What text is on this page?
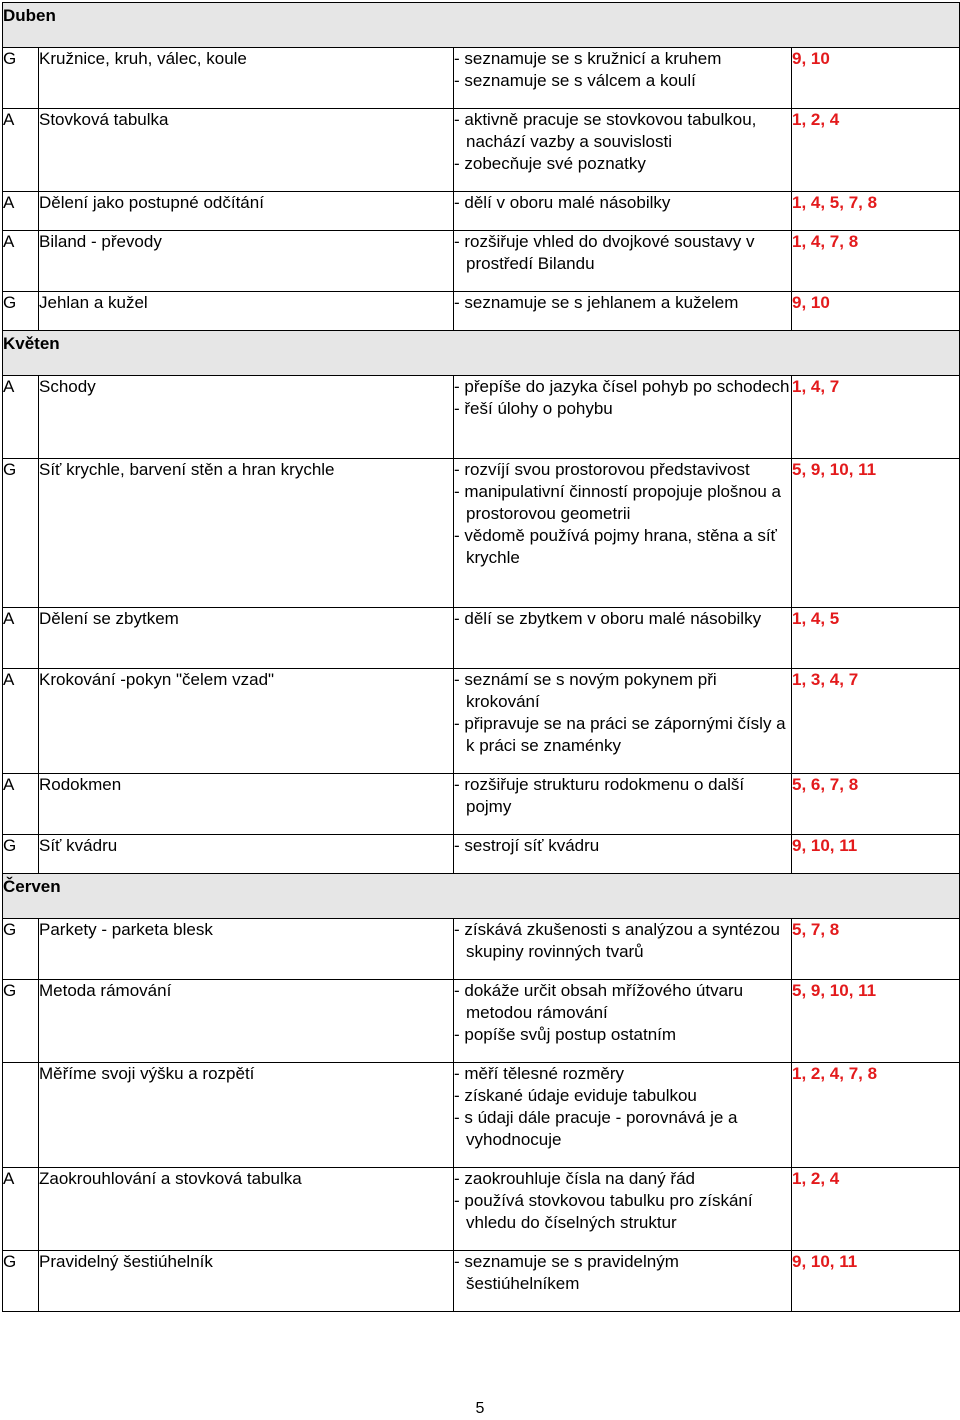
Duben			
G	Kružnice, kruh, válec, koule	- seznamuje se s kružnicí a kruhem
- seznamuje se s válcem a koulí	9, 10
A	Stovková tabulka	- aktivně pracuje se stovkovou tabulkou, nachází vazby a souvislosti
- zobecňuje své poznatky	1, 2, 4
A	Dělení jako postupné odčítání	- dělí v oboru malé násobilky	1, 4, 5, 7, 8
A	Biland - převody	- rozšiřuje vhled do dvojkové soustavy v prostředí Bilandu	1, 4, 7, 8
G	Jehlan a kužel	- seznamuje se s jehlanem a kuželem	9, 10
Květen			
A	Schody	- přepíše do jazyka čísel pohyb po schodech
- řeší úlohy o pohybu	1, 4, 7
G	Síť krychle, barvení stěn a hran krychle	- rozvíjí svou prostorovou představivost
- manipulativní činností propojuje plošnou a prostorovou geometrii
- vědomě používá pojmy hrana, stěna a síť krychle	5, 9, 10, 11
A	Dělení se zbytkem	- dělí se zbytkem v oboru malé násobilky	1, 4, 5
A	Krokování -pokyn "čelem vzad"	- seznámí se s novým pokynem při krokování
- připravuje se na práci se zápornými čísly a k práci se znaménky	1, 3, 4, 7
A	Rodokmen	- rozšiřuje strukturu rodokmenu o další pojmy	5, 6, 7, 8
G	Síť kvádru	- sestrojí síť kvádru	9, 10, 11
Červen			
G	Parkety - parketa blesk	- získává zkušenosti s analýzou a syntézou skupiny rovinných tvarů	5, 7, 8
G	Metoda rámování	- dokáže určit obsah mřížového útvaru metodou rámování
- popíše svůj postup ostatním	5, 9, 10, 11
	Měříme svoji výšku a rozpětí	- měří tělesné rozměry
- získané údaje eviduje tabulkou
- s údaji dále pracuje - porovnává je a vyhodnocuje	1, 2, 4, 7, 8
A	Zaokrouhlování a stovková tabulka	- zaokrouhluje čísla na daný řád
- používá stovkovou tabulku pro získání vhledu do číselných struktur	1, 2, 4
G	Pravidelný šestiúhelník	- seznamuje se s pravidelným šestiúhelníkem	9, 10, 11
5
